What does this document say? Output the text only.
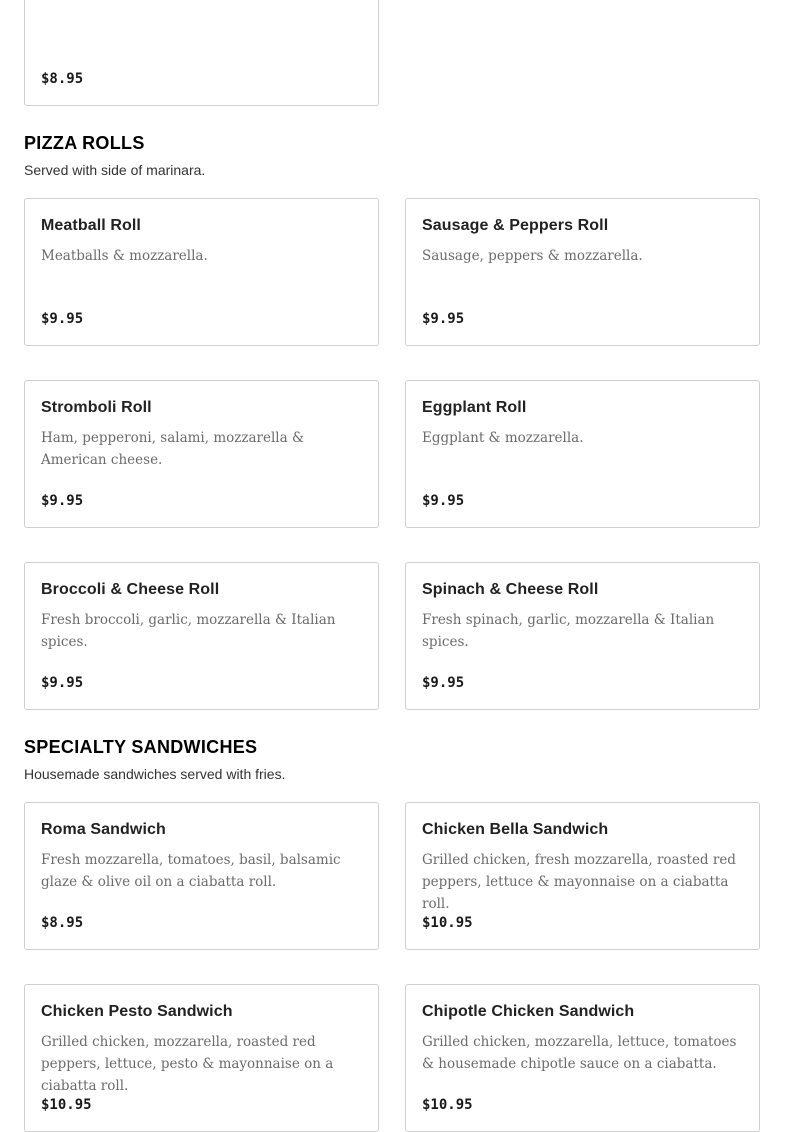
$8.95
PIZZA ROLLS
Served with side of marinara.
Meatball Roll
Meatballs & mozzarella.
$9.95
Sausage & Peppers Roll
Sausage, peppers & mozzarella.
$9.95
Stromboli Roll
Ham, pepperoni, salami, mozzarella & American cheese.
$9.95
Eggplant Roll
Eggplant & mozzarella.
$9.95
Broccoli & Cheese Roll
Fresh broccoli, garlic, mozzarella & Italian spices.
$9.95
Spinach & Cheese Roll
Fresh spinach, garlic, mozzarella & Italian spices.
$9.95
SPECIALTY SANDWICHES
Housemade sandwiches served with fries.
Roma Sandwich
Fresh mozzarella, tomatoes, basil, balsamic glaze & olive oil on a ciabatta roll.
$8.95
Chicken Bella Sandwich
Grilled chicken, fresh mozzarella, roasted red peppers, lettuce & mayonnaise on a ciabatta roll.
$10.95
Chicken Pesto Sandwich
Grilled chicken, mozzarella, roasted red peppers, lettuce, pesto & mayonnaise on a ciabatta roll.
$10.95
Chipotle Chicken Sandwich
Grilled chicken, mozzarella, lettuce, tomatoes & housemade chipotle sauce on a ciabatta.
$10.95
